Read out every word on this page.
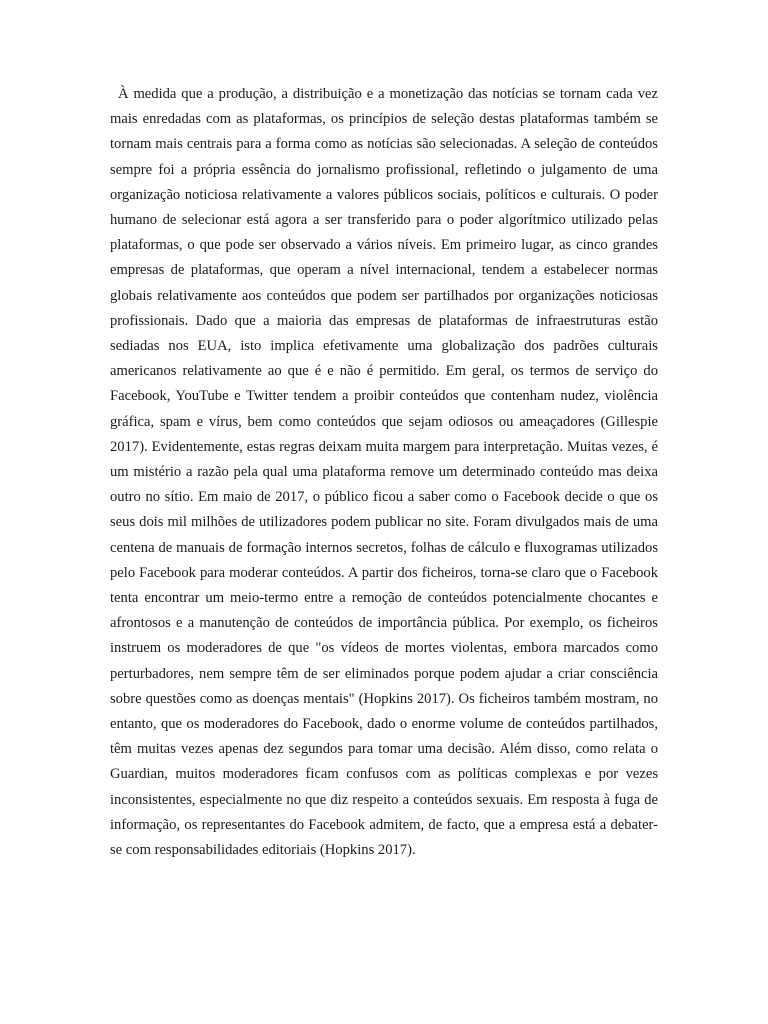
À medida que a produção, a distribuição e a monetização das notícias se tornam cada vez mais enredadas com as plataformas, os princípios de seleção destas plataformas também se tornam mais centrais para a forma como as notícias são selecionadas. A seleção de conteúdos sempre foi a própria essência do jornalismo profissional, refletindo o julgamento de uma organização noticiosa relativamente a valores públicos sociais, políticos e culturais. O poder humano de selecionar está agora a ser transferido para o poder algorítmico utilizado pelas plataformas, o que pode ser observado a vários níveis. Em primeiro lugar, as cinco grandes empresas de plataformas, que operam a nível internacional, tendem a estabelecer normas globais relativamente aos conteúdos que podem ser partilhados por organizações noticiosas profissionais. Dado que a maioria das empresas de plataformas de infraestruturas estão sediadas nos EUA, isto implica efetivamente uma globalização dos padrões culturais americanos relativamente ao que é e não é permitido. Em geral, os termos de serviço do Facebook, YouTube e Twitter tendem a proibir conteúdos que contenham nudez, violência gráfica, spam e vírus, bem como conteúdos que sejam odiosos ou ameaçadores (Gillespie 2017). Evidentemente, estas regras deixam muita margem para interpretação. Muitas vezes, é um mistério a razão pela qual uma plataforma remove um determinado conteúdo mas deixa outro no sítio. Em maio de 2017, o público ficou a saber como o Facebook decide o que os seus dois mil milhões de utilizadores podem publicar no site. Foram divulgados mais de uma centena de manuais de formação internos secretos, folhas de cálculo e fluxogramas utilizados pelo Facebook para moderar conteúdos. A partir dos ficheiros, torna-se claro que o Facebook tenta encontrar um meio-termo entre a remoção de conteúdos potencialmente chocantes e afrontosos e a manutenção de conteúdos de importância pública. Por exemplo, os ficheiros instruem os moderadores de que "os vídeos de mortes violentas, embora marcados como perturbadores, nem sempre têm de ser eliminados porque podem ajudar a criar consciência sobre questões como as doenças mentais" (Hopkins 2017). Os ficheiros também mostram, no entanto, que os moderadores do Facebook, dado o enorme volume de conteúdos partilhados, têm muitas vezes apenas dez segundos para tomar uma decisão. Além disso, como relata o Guardian, muitos moderadores ficam confusos com as políticas complexas e por vezes inconsistentes, especialmente no que diz respeito a conteúdos sexuais. Em resposta à fuga de informação, os representantes do Facebook admitem, de facto, que a empresa está a debater-se com responsabilidades editoriais (Hopkins 2017).
